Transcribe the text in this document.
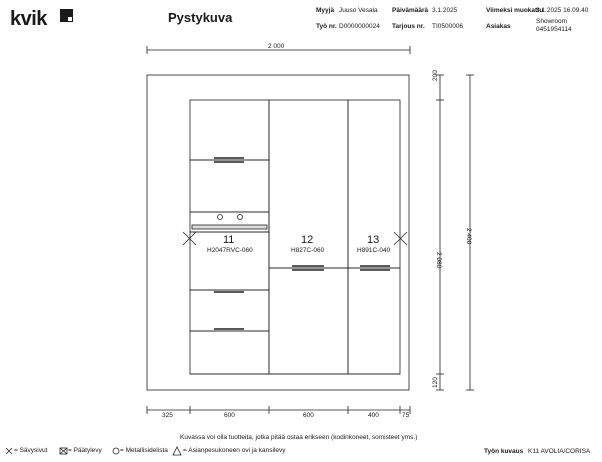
kvik	Pystykuva	Myyjä Juuso Vesala Päivämäärä 3.1.2025	Viimeksi muokattu
3.1.2025 16.09.40
Työ nr. D0000000024 Tarjous nr. TI0500006	Asiakas
Showroom
0451954114
2 000
200
2 080
120
2 400
325	600	600	400	75
11
H2047RVC-060
12
H827C-060
13
H891C-040
Kuvassa voi olla tuotteita, jotka pitää ostaa erikseen (kodinkoneet, somisteet yms.)
= Sävysivut	= Päätylevy	= Metallisidelista = Asianpesukoneen ovi ja kansilevy	Työn kuvaus K11 AVOLIA/CORISA
